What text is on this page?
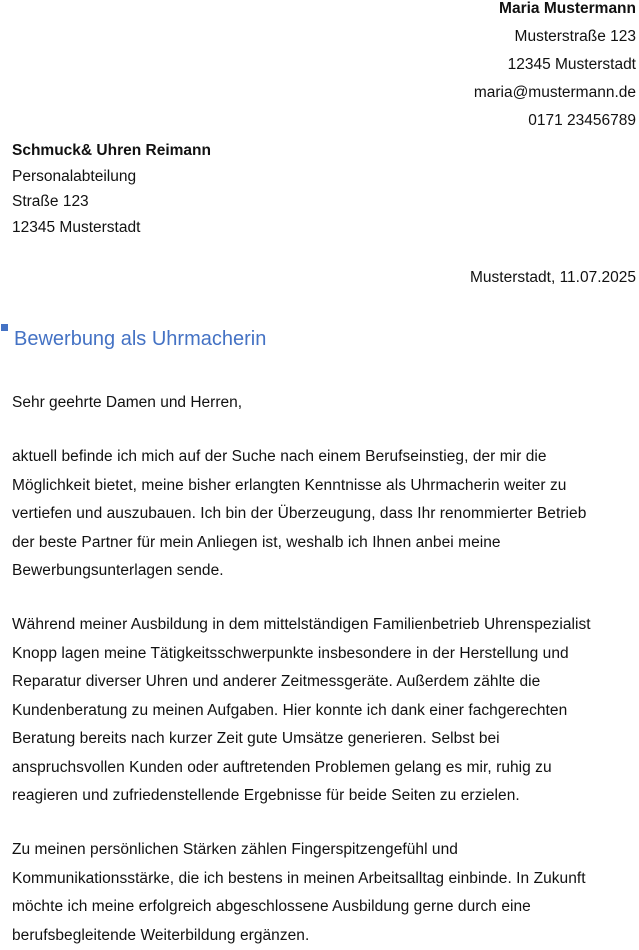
Maria Mustermann
Musterstraße 123
12345 Musterstadt
maria@mustermann.de
0171 23456789
Schmuck& Uhren Reimann
Personalabteilung
Straße 123
12345 Musterstadt
Musterstadt, 11.07.2025
Bewerbung als Uhrmacherin

Sehr geehrte Damen und Herren,

aktuell befinde ich mich auf der Suche nach einem Berufseinstieg, der mir die
Möglichkeit bietet, meine bisher erlangten Kenntnisse als Uhrmacherin weiter zu
vertiefen und auszubauen. Ich bin der Überzeugung, dass Ihr renommierter Betrieb
der beste Partner für mein Anliegen ist, weshalb ich Ihnen anbei meine
Bewerbungsunterlagen sende.

Während meiner Ausbildung in dem mittelständigen Familienbetrieb Uhrenspezialist
Knopp lagen meine Tätigkeitsschwerpunkte insbesondere in der Herstellung und
Reparatur diverser Uhren und anderer Zeitmessgeräte. Außerdem zählte die
Kundenberatung zu meinen Aufgaben. Hier konnte ich dank einer fachgerechten
Beratung bereits nach kurzer Zeit gute Umsätze generieren. Selbst bei
anspruchsvollen Kunden oder auftretenden Problemen gelang es mir, ruhig zu
reagieren und zufriedenstellende Ergebnisse für beide Seiten zu erzielen.

Zu meinen persönlichen Stärken zählen Fingerspitzengefühl und
Kommunikationsstärke, die ich bestens in meinen Arbeitsalltag einbinde. In Zukunft
möchte ich meine erfolgreich abgeschlossene Ausbildung gerne durch eine
berufsbegleitende Weiterbildung ergänzen.
